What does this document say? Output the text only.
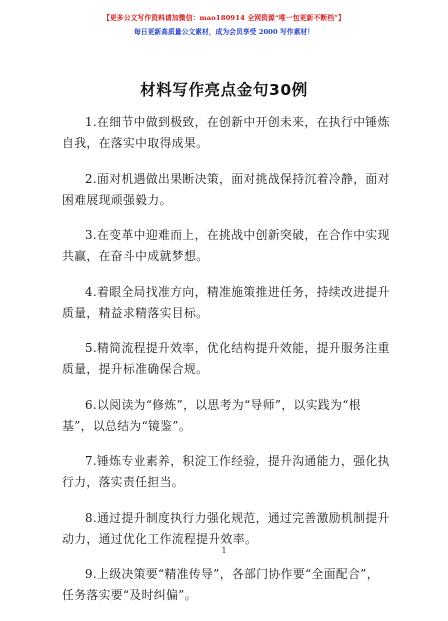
【更多公文写作资料请加微信：mao180914 全网资源“唯一包更新不断档”】
每日更新高质量公文素材，成为会员享受 2000 写作素材！
材料写作亮点金句30例
1.在细节中做到极致，在创新中开创未来，在执行中锤炼
自我，在落实中取得成果。
2.面对机遇做出果断决策，面对挑战保持沉着冷静，面对
困难展现顽强毅力。
3.在变革中迎难而上，在挑战中创新突破，在合作中实现
共赢，在奋斗中成就梦想。
4.着眼全局找准方向，精准施策推进任务，持续改进提升
质量，精益求精落实目标。
5.精简流程提升效率，优化结构提升效能，提升服务注重
质量，提升标准确保合规。
6.以阅读为“修炼”，以思考为“导师”，以实践为“根
基”，以总结为“镜鉴”。
7.锤炼专业素养，积淀工作经验，提升沟通能力，强化执
行力，落实责任担当。
8.通过提升制度执行力强化规范，通过完善激励机制提升
动力，通过优化工作流程提升效率。
9.上级决策要“精准传导”，各部门协作要“全面配合”，
任务落实要“及时纠偏”。
1
